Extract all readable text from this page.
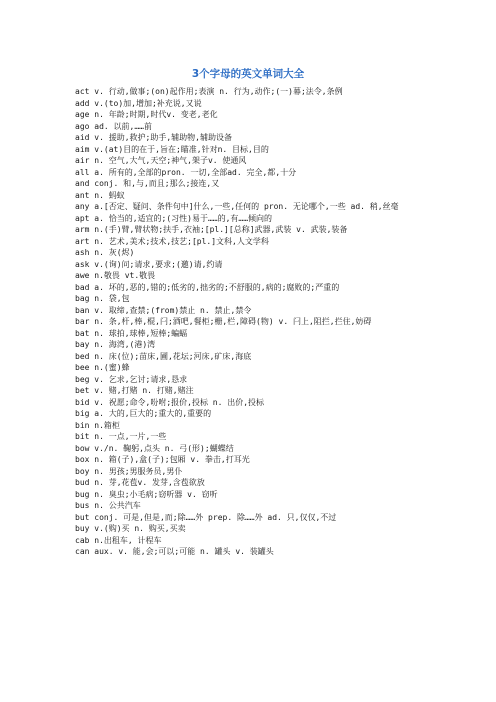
3个字母的英文单词大全
act v. 行动,做事;(on)起作用;表演 n. 行为,动作;(一)幕;法令,条例
add v.(to)加,增加;补充说,又说
age n. 年龄;时期,时代v. 变老,老化
ago ad. 以前,……前
aid v. 援助,救护;助手,辅助物,辅助设备
aim v.(at)目的在于,旨在;瞄准,针对n. 目标,目的
air n. 空气,大气,天空;神气,架子v. 使通风
all a. 所有的,全部的pron. 一切,全部ad. 完全,都,十分
and conj. 和,与,而且;那么;接连,又
ant n. 蚂蚁
any a.[否定、疑问、条件句中]什么,一些,任何的 pron. 无论哪个,一些 ad. 稍,丝毫
apt a. 恰当的,适宜的;(习性)易于……的,有……倾向的
arm n.(手)臂,臂状物;扶手,衣袖;[pl.][总称]武器,武装 v. 武装,装备
art n. 艺术,美术;技术,技艺;[pl.]文科,人文学科
ash n. 灰(烬)
ask v.(询)问;请求,要求;(邀)请,约请
awe n.敬畏 vt.敬畏
bad a. 坏的,恶的,错的;低劣的,拙劣的;不舒服的,病的;腐败的;严重的
bag n. 袋,包
ban v. 取缔,查禁;(from)禁止 n. 禁止,禁令
bar n. 条,杆,棒,棍,闩;酒吧,餐柜;栅,栏,障碍(物) v. 闩上,阻拦,拦住,妨碍
bat n. 球拍,球棒,短棒;蝙蝠
bay n. 海湾,(港)湾
bed n. 床(位);苗床,圃,花坛;河床,矿床,海底
bee n.(蜜)蜂
beg v. 乞求,乞讨;请求,恳求
bet v. 赌,打赌 n. 打赌,赌注
bid v. 祝愿;命令,吩咐;报价,投标 n. 出价,投标
big a. 大的,巨大的;重大的,重要的
bin n.箱柜
bit n. 一点,一片,一些
bow v./n. 鞠躬,点头 n. 弓(形);蝴蝶结
box n. 箱(子),盒(子);包厢 v. 拳击,打耳光
boy n. 男孩;男服务员,男仆
bud n. 芽,花苞v. 发芽,含苞欲放
bug n. 臭虫;小毛病;窃听器 v. 窃听
bus n. 公共汽车
but conj. 可是,但是,而;除……外 prep. 除……外 ad. 只,仅仅,不过
buy v.(购)买 n. 购买,买卖
cab n.出租车, 计程车
can aux. v. 能,会;可以;可能 n. 罐头 v. 装罐头
